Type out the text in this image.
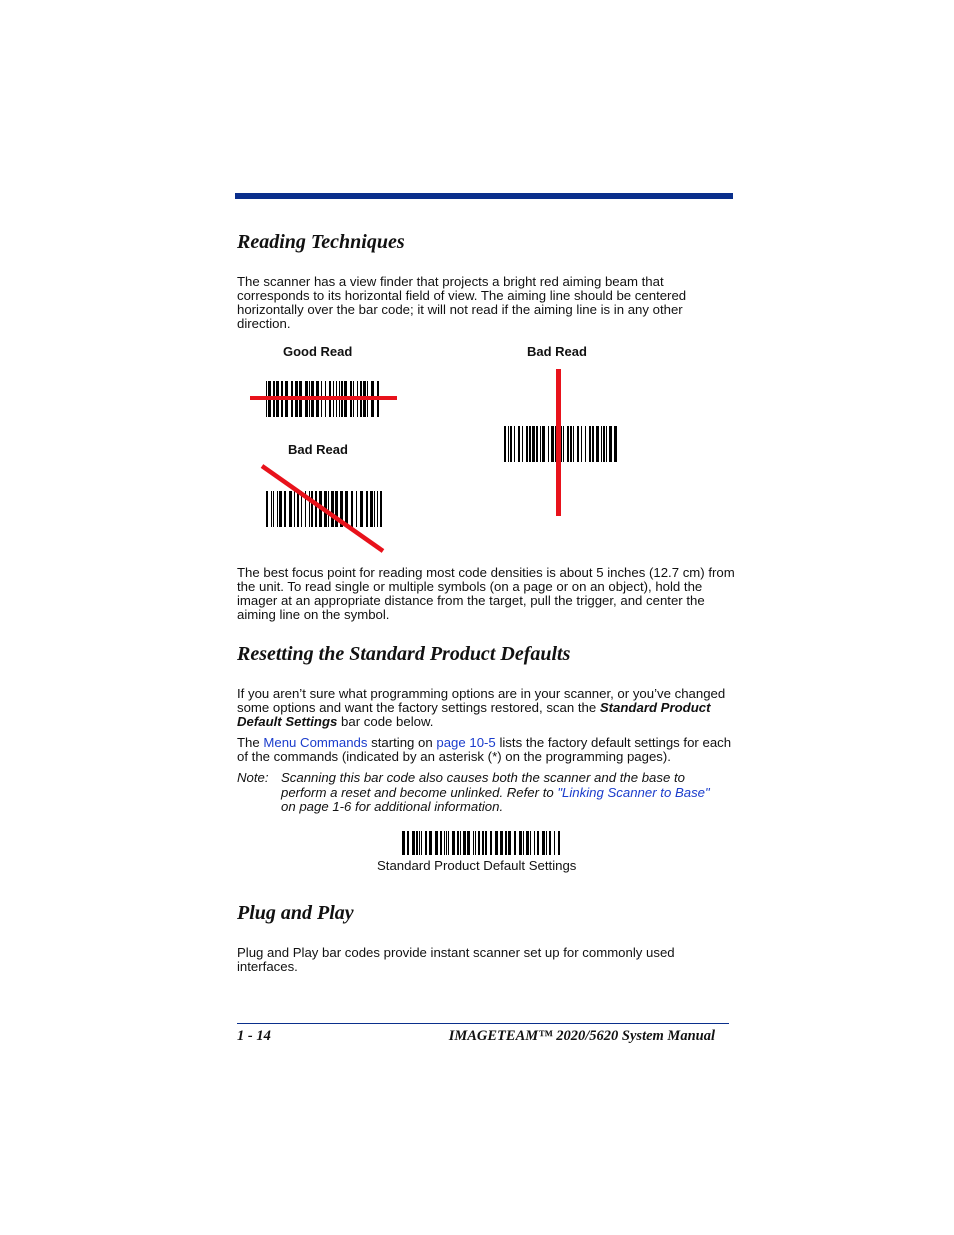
Reading Techniques

The scanner has a view finder that projects a bright red aiming beam that corresponds to its horizontal field of view. The aiming line should be centered horizontally over the bar code; it will not read if the aiming line is in any other direction.

Good Read	Bad Read
Bad Read

The best focus point for reading most code densities is about 5 inches (12.7 cm) from the unit. To read single or multiple symbols (on a page or on an object), hold the imager at an appropriate distance from the target, pull the trigger, and center the aiming line on the symbol.

Resetting the Standard Product Defaults

If you aren’t sure what programming options are in your scanner, or you’ve changed some options and want the factory settings restored, scan the Standard Product Default Settings bar code below.

The Menu Commands starting on page 10-5 lists the factory default settings for each of the commands (indicated by an asterisk (*) on the programming pages).

Note: Scanning this bar code also causes both the scanner and the base to perform a reset and become unlinked. Refer to "Linking Scanner to Base" on page 1-6 for additional information.
Standard Product Default Settings
Plug and Play

Plug and Play bar codes provide instant scanner set up for commonly used interfaces.

1 - 14	IMAGETEAM™ 2020/5620 System Manual
